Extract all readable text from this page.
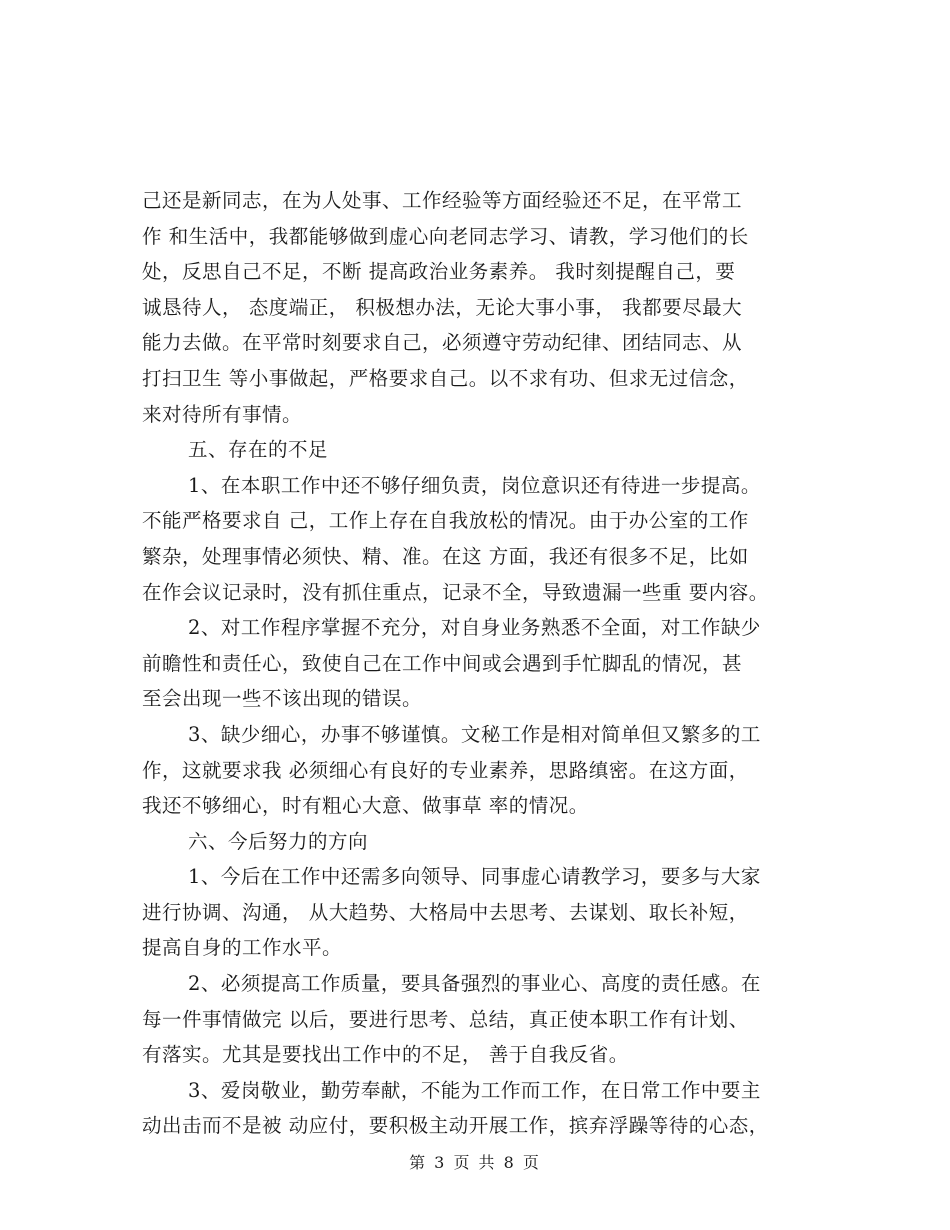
己还是新同志，在为人处事、工作经验等方面经验还不足，在平常工

作 和生活中，我都能够做到虚心向老同志学习、请教，学习他们的长

处，反思自己不足，不断 提高政治业务素养。 我时刻提醒自己，要

诚恳待人， 态度端正， 积极想办法，无论大事小事， 我都要尽最大

能力去做。在平常时刻要求自己，必须遵守劳动纪律、团结同志、从

打扫卫生 等小事做起，严格要求自己。以不求有功、但求无过信念，

来对待所有事情。

五、存在的不足

1、在本职工作中还不够仔细负责，岗位意识还有待进一步提高。

不能严格要求自 己，工作上存在自我放松的情况。由于办公室的工作

繁杂，处理事情必须快、精、准。在这 方面，我还有很多不足，比如

在作会议记录时，没有抓住重点，记录不全，导致遗漏一些重 要内容。

2、对工作程序掌握不充分，对自身业务熟悉不全面，对工作缺少

前瞻性和责任心，致使自己在工作中间或会遇到手忙脚乱的情况，甚

至会出现一些不该出现的错误。

3、缺少细心，办事不够谨慎。文秘工作是相对简单但又繁多的工

作，这就要求我 必须细心有良好的专业素养，思路缜密。在这方面，

我还不够细心，时有粗心大意、做事草 率的情况。

六、今后努力的方向

1、今后在工作中还需多向领导、同事虚心请教学习，要多与大家

进行协调、沟通， 从大趋势、大格局中去思考、去谋划、取长补短，

提高自身的工作水平。

2、必须提高工作质量，要具备强烈的事业心、高度的责任感。在

每一件事情做完 以后，要进行思考、总结，真正使本职工作有计划、

有落实。尤其是要找出工作中的不足， 善于自我反省。

3、爱岗敬业，勤劳奉献，不能为工作而工作，在日常工作中要主

动出击而不是被 动应付，要积极主动开展工作，摈弃浮躁等待的心态，

第 3 页 共 8 页
